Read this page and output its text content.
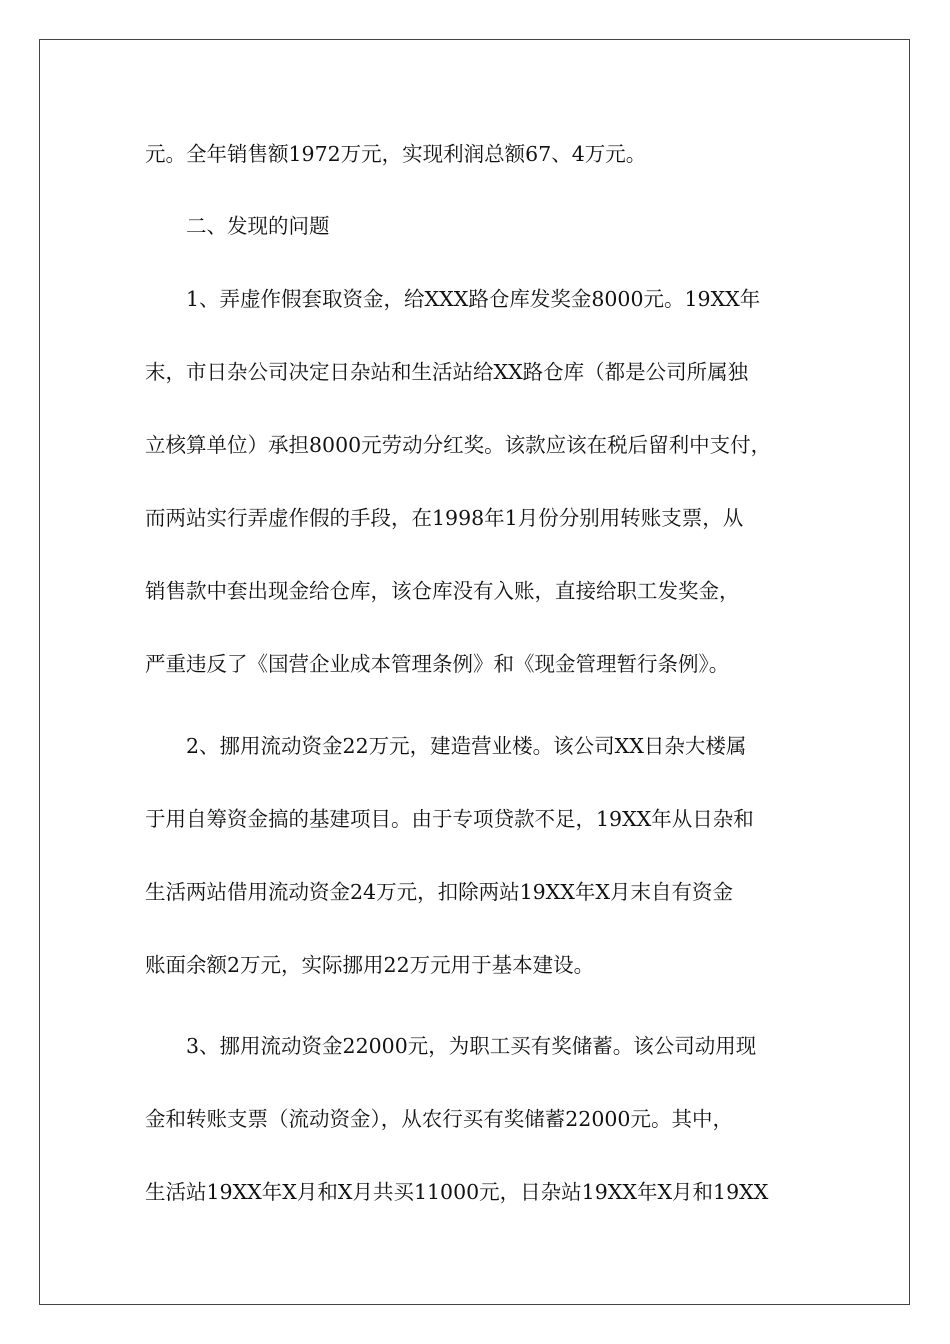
元。全年销售额1972万元，实现利润总额67、4万元。
　　二、发现的问题
　　1、弄虚作假套取资金，给XXX路仓库发奖金8000元。19XX年
末，市日杂公司决定日杂站和生活站给XX路仓库（都是公司所属独
立核算单位）承担8000元劳动分红奖。该款应该在税后留利中支付，
而两站实行弄虚作假的手段，在1998年1月份分别用转账支票，从
销售款中套出现金给仓库，该仓库没有入账，直接给职工发奖金，
严重违反了《国营企业成本管理条例》和《现金管理暂行条例》。
　　2、挪用流动资金22万元，建造营业楼。该公司XX日杂大楼属
于用自筹资金搞的基建项目。由于专项贷款不足，19XX年从日杂和
生活两站借用流动资金24万元，扣除两站19XX年X月末自有资金
账面余额2万元，实际挪用22万元用于基本建设。
　　3、挪用流动资金22000元，为职工买有奖储蓄。该公司动用现
金和转账支票（流动资金），从农行买有奖储蓄22000元。其中，
生活站19XX年X月和X月共买11000元，日杂站19XX年X月和19XX
